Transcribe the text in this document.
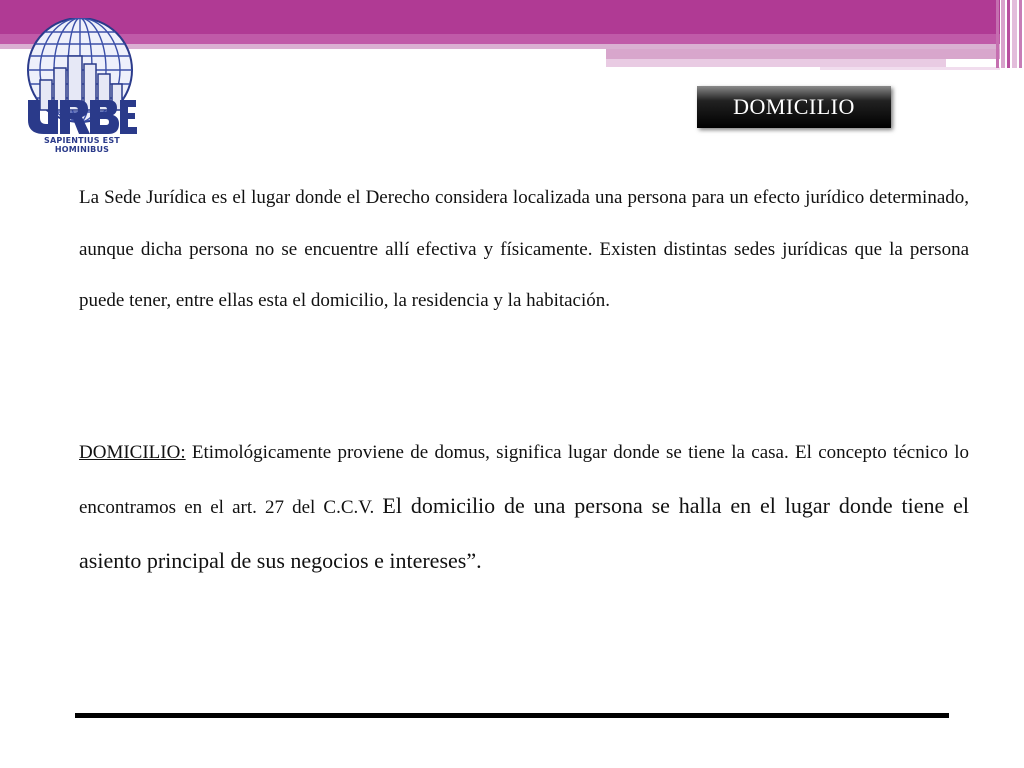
SAPIENTIUS EST HOMINIBUS
DOMICILIO
La Sede Jurídica es el lugar donde el Derecho considera localizada una persona para un efecto jurídico determinado, aunque dicha persona no se encuentre allí efectiva y físicamente. Existen distintas sedes jurídicas que la persona puede tener, entre ellas esta el domicilio, la residencia y la habitación.
DOMICILIO: Etimológicamente proviene de domus, significa lugar donde se tiene la casa. El concepto técnico lo encontramos en el art. 27 del C.C.V. El domicilio de una persona se halla en el lugar donde tiene el asiento principal de sus negocios e intereses”.
